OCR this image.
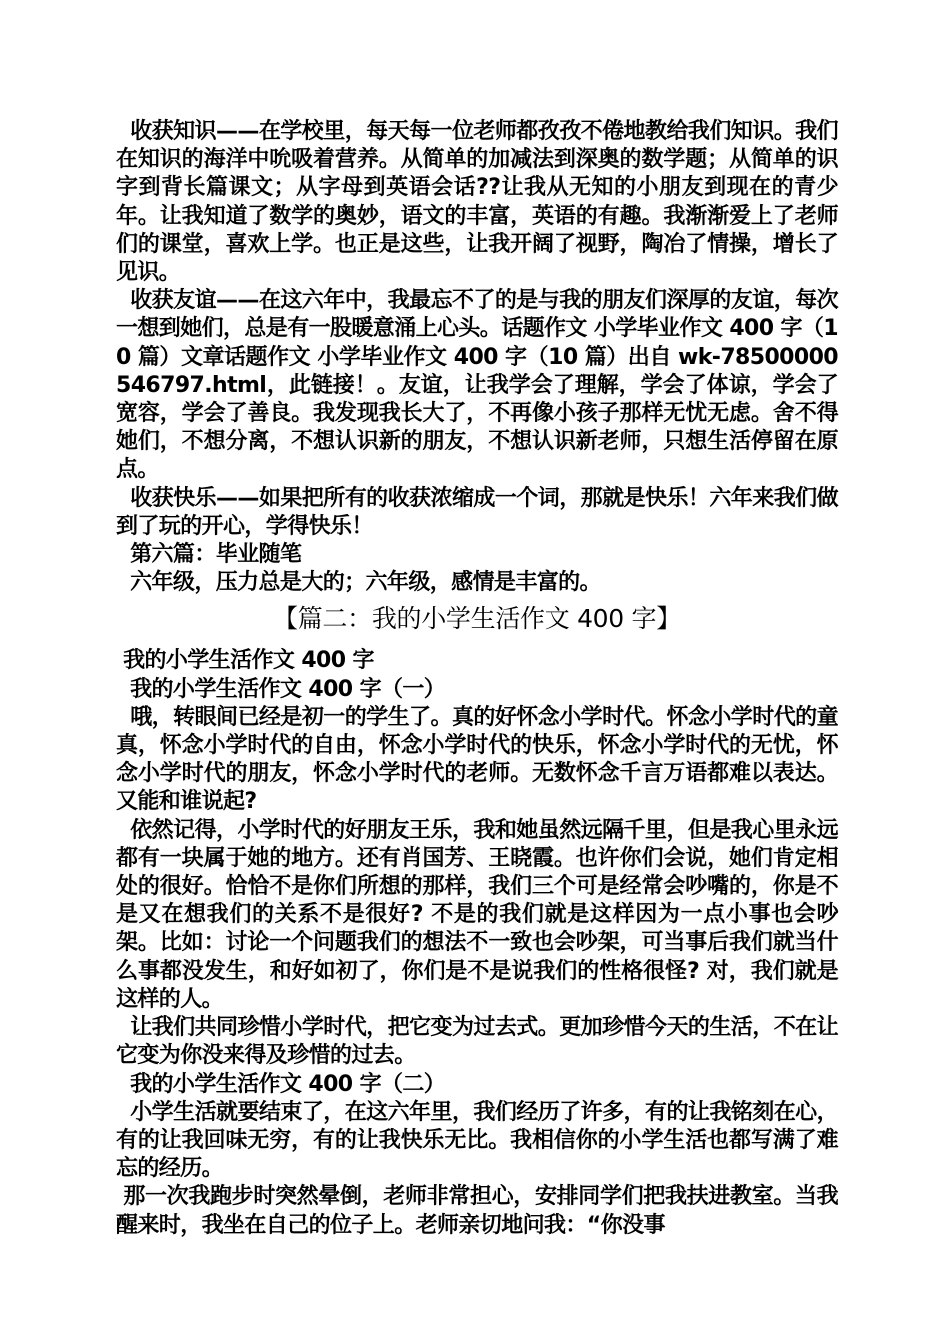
收获知识——在学校里，每天每一位老师都孜孜不倦地教给我们知识。我们在知识的海洋中吮吸着营养。从简单的加减法到深奥的数学题；从简单的识字到背长篇课文；从字母到英语会话??让我从无知的小朋友到现在的青少年。让我知道了数学的奥妙，语文的丰富，英语的有趣。我渐渐爱上了老师们的课堂，喜欢上学。也正是这些，让我开阔了视野，陶冶了情操，增长了见识。

收获友谊——在这六年中，我最忘不了的是与我的朋友们深厚的友谊，每次一想到她们，总是有一股暖意涌上心头。话题作文 小学毕业作文 400 字（10 篇）文章话题作文 小学毕业作文 400 字（10 篇）出自 wk-78500000546797.html，此链接！。友谊，让我学会了理解，学会了体谅，学会了宽容，学会了善良。我发现我长大了，不再像小孩子那样无忧无虑。舍不得她们，不想分离，不想认识新的朋友，不想认识新老师，只想生活停留在原点。

收获快乐——如果把所有的收获浓缩成一个词，那就是快乐！六年来我们做到了玩的开心，学得快乐！

第六篇：毕业随笔

六年级，压力总是大的；六年级，感情是丰富的。

【篇二：我的小学生活作文 400 字】

我的小学生活作文 400 字

我的小学生活作文 400 字（一）

哦，转眼间已经是初一的学生了。真的好怀念小学时代。怀念小学时代的童真，怀念小学时代的自由，怀念小学时代的快乐，怀念小学时代的无忧，怀念小学时代的朋友，怀念小学时代的老师。无数怀念千言万语都难以表达。又能和谁说起?

依然记得，小学时代的好朋友王乐，我和她虽然远隔千里，但是我心里永远都有一块属于她的地方。还有肖国芳、王晓霞。也许你们会说，她们肯定相处的很好。恰恰不是你们所想的那样，我们三个可是经常会吵嘴的，你是不是又在想我们的关系不是很好? 不是的我们就是这样因为一点小事也会吵架。比如：讨论一个问题我们的想法不一致也会吵架，可当事后我们就当什么事都没发生，和好如初了，你们是不是说我们的性格很怪? 对，我们就是这样的人。

让我们共同珍惜小学时代，把它变为过去式。更加珍惜今天的生活，不在让它变为你没来得及珍惜的过去。

我的小学生活作文 400 字（二）

小学生活就要结束了，在这六年里，我们经历了许多，有的让我铭刻在心，有的让我回味无穷，有的让我快乐无比。我相信你的小学生活也都写满了难忘的经历。

那一次我跑步时突然晕倒，老师非常担心，安排同学们把我扶进教室。当我醒来时，我坐在自己的位子上。老师亲切地问我：“你没事
